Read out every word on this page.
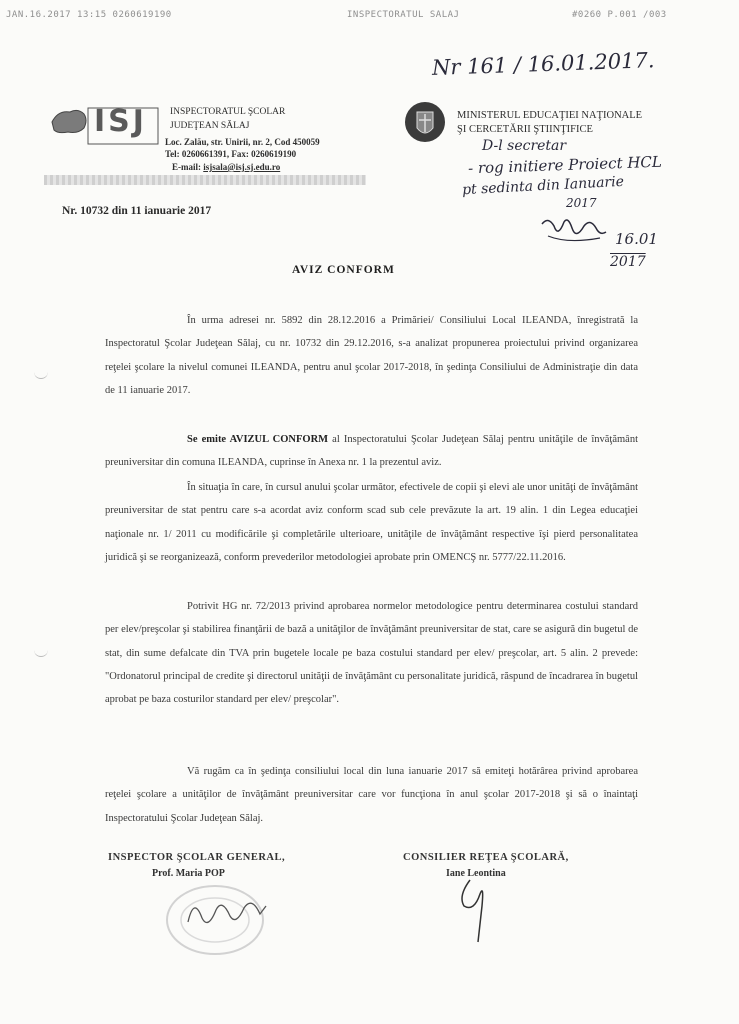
JAN.16.2017 13:15 0260619190	INSPECTORATUL SALAJ	#0260 P.001 /003
Nr 161 / 16.01.2017.
ISJ INSPECTORATUL ŞCOLAR
JUDEŢEAN SĂLAJ
Loc. Zalău, str. Unirii, nr. 2, Cod 450059
Tel: 0260661391, Fax: 0260619190
E-mail: isjsala@isj.sj.edu.ro
MINISTERUL EDUCAŢIEI NAŢIONALE
ŞI CERCETĂRII ŞTIINŢIFICE
D-l secretar
- rog initiere Proiect HCL
pt sedinta din Ianuarie
2017
16.01
2017
Nr. 10732 din 11 ianuarie 2017
AVIZ CONFORM
În urma adresei nr. 5892 din 28.12.2016 a Primăriei/ Consiliului Local ILEANDA, înregistrată la Inspectoratul Şcolar Judeţean Sălaj, cu nr. 10732 din 29.12.2016, s-a analizat propunerea proiectului privind organizarea reţelei şcolare la nivelul comunei ILEANDA, pentru anul şcolar 2017-2018, în şedinţa Consiliului de Administraţie din data de 11 ianuarie 2017.
Se emite AVIZUL CONFORM al Inspectoratului Şcolar Judeţean Sălaj pentru unităţile de învăţământ preuniversitar din comuna ILEANDA, cuprinse în Anexa nr. 1 la prezentul aviz.
În situaţia în care, în cursul anului şcolar următor, efectivele de copii şi elevi ale unor unităţi de învăţământ preuniversitar de stat pentru care s-a acordat aviz conform scad sub cele prevăzute la art. 19 alin. 1 din Legea educaţiei naţionale nr. 1/ 2011 cu modificările şi completările ulterioare, unităţile de învăţământ respective îşi pierd personalitatea juridică şi se reorganizează, conform prevederilor metodologiei aprobate prin OMENCŞ nr. 5777/22.11.2016.
Potrivit HG nr. 72/2013 privind aprobarea normelor metodologice pentru determinarea costului standard per elev/preşcolar şi stabilirea finanţării de bază a unităţilor de învăţământ preuniversitar de stat, care se asigură din bugetul de stat, din sume defalcate din TVA prin bugetele locale pe baza costului standard per elev/ preşcolar, art. 5 alin. 2 prevede: "Ordonatorul principal de credite şi directorul unităţii de învăţământ cu personalitate juridică, răspund de încadrarea în bugetul aprobat pe baza costurilor standard per elev/ preşcolar".
Vă rugăm ca în şedinţa consiliului local din luna ianuarie 2017 să emiteţi hotărârea privind aprobarea reţelei şcolare a unităţilor de învăţământ preuniversitar care vor funcţiona în anul şcolar 2017-2018 şi să o înaintaţi Inspectoratului Şcolar Judeţean Sălaj.
INSPECTOR ŞCOLAR GENERAL,
Prof. Maria POP
CONSILIER REŢEA ŞCOLARĂ,
Iane Leontina
